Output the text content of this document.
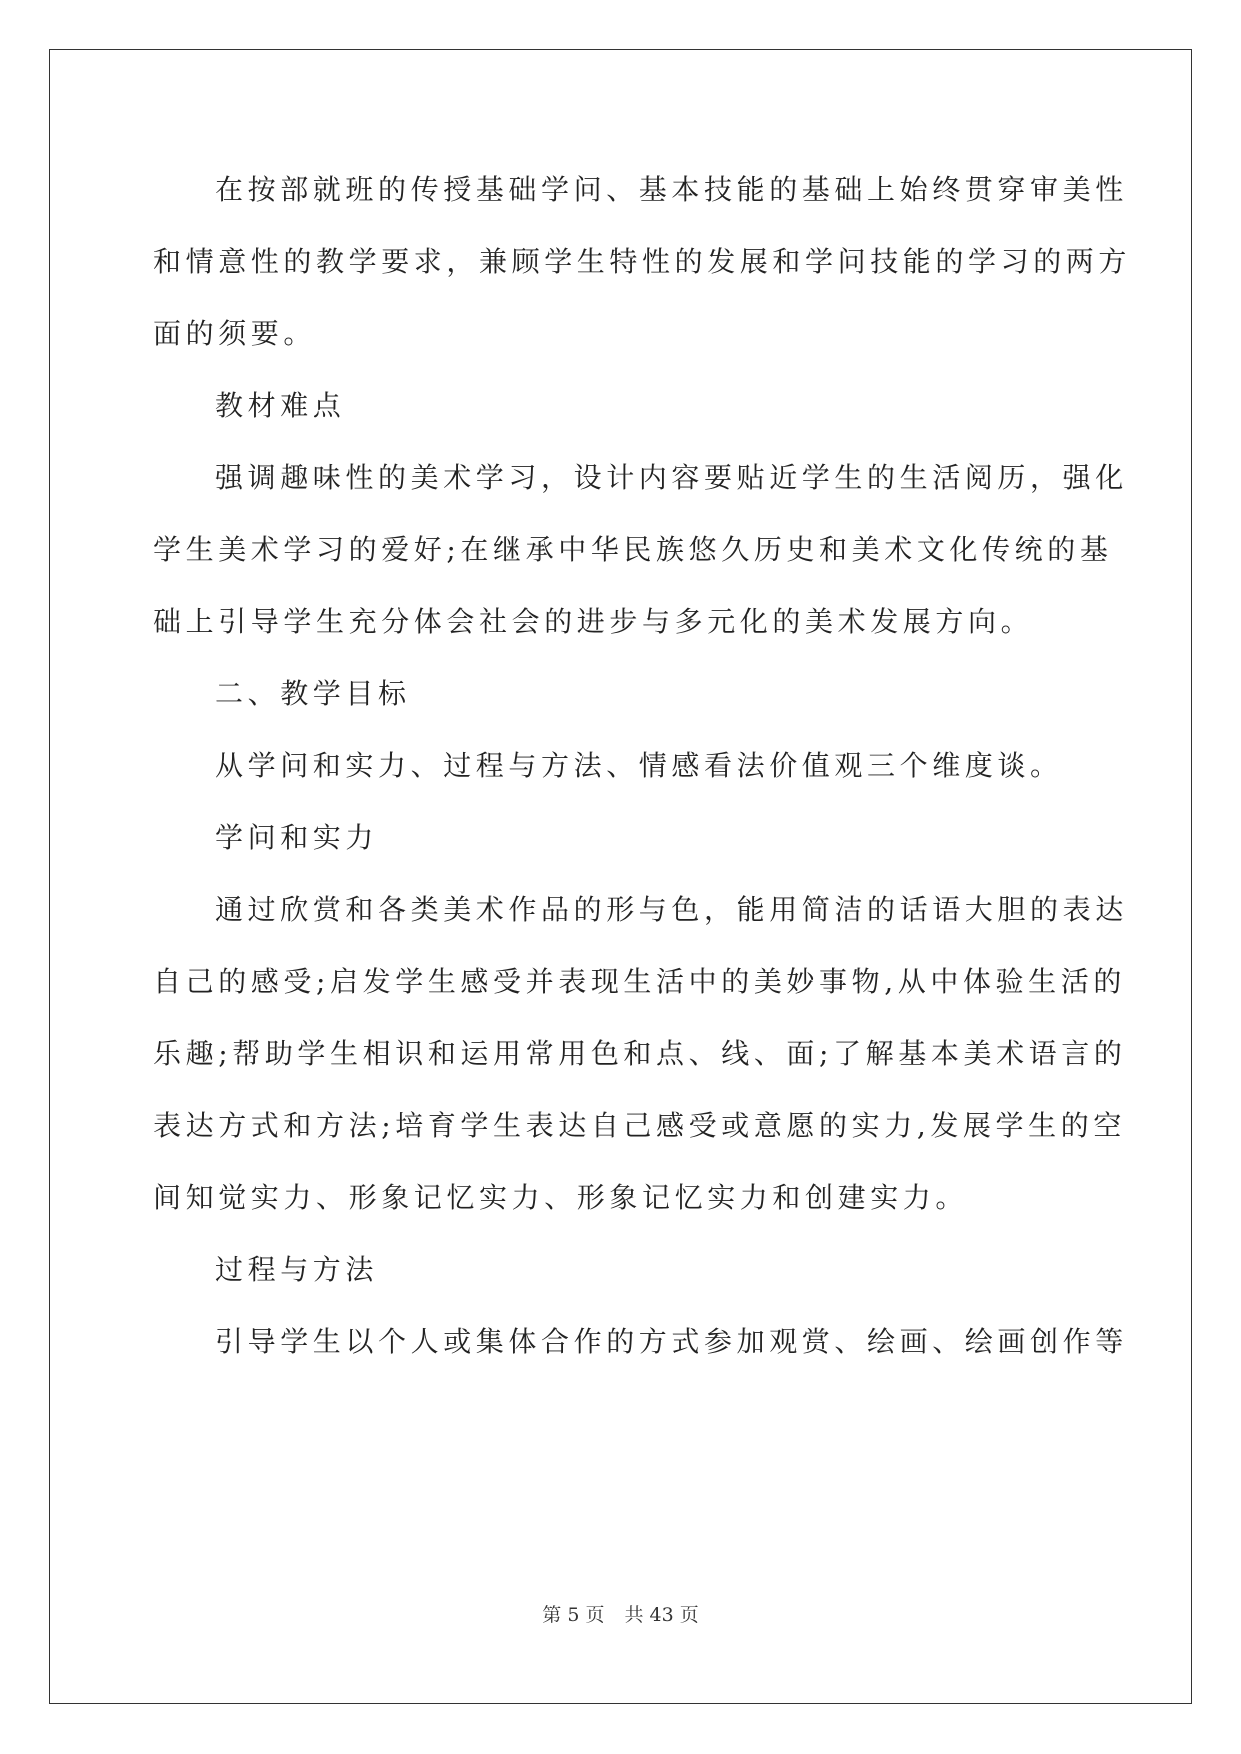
在按部就班的传授基础学问、基本技能的基础上始终贯穿审美性
和情意性的教学要求，兼顾学生特性的发展和学问技能的学习的两方
面的须要。
教材难点
强调趣味性的美术学习，设计内容要贴近学生的生活阅历，强化
学生美术学习的爱好;在继承中华民族悠久历史和美术文化传统的基
础上引导学生充分体会社会的进步与多元化的美术发展方向。
二、教学目标
从学问和实力、过程与方法、情感看法价值观三个维度谈。
学问和实力
通过欣赏和各类美术作品的形与色，能用简洁的话语大胆的表达
自己的感受;启发学生感受并表现生活中的美妙事物,从中体验生活的
乐趣;帮助学生相识和运用常用色和点、线、面;了解基本美术语言的
表达方式和方法;培育学生表达自己感受或意愿的实力,发展学生的空
间知觉实力、形象记忆实力、形象记忆实力和创建实力。
过程与方法
引导学生以个人或集体合作的方式参加观赏、绘画、绘画创作等
第 5 页 共 43 页
